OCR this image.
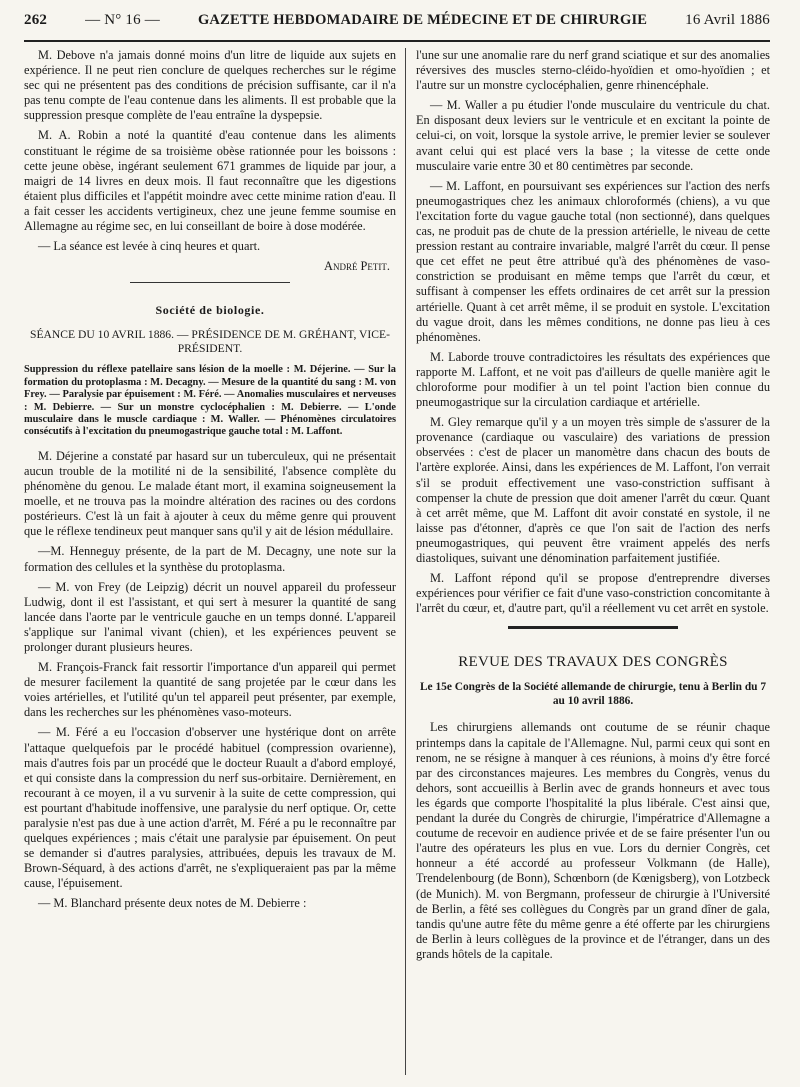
262	— N° 16 —	GAZETTE HEBDOMADAIRE DE MÉDECINE ET DE CHIRURGIE	16 Avril 1886

M. Debove n'a jamais donné moins d'un litre de liquide aux sujets en expérience. Il ne peut rien conclure de quelques recherches sur le régime sec qui ne présentent pas des conditions de précision suffisante, car il n'a pas tenu compte de l'eau contenue dans les aliments. Il est probable que la suppression presque complète de l'eau entraîne la dyspepsie.

M. A. Robin a noté la quantité d'eau contenue dans les aliments constituant le régime de sa troisième obèse rationnée pour les boissons : cette jeune obèse, ingérant seulement 671 grammes de liquide par jour, a maigri de 14 livres en deux mois. Il faut reconnaître que les digestions étaient plus difficiles et l'appétit moindre avec cette minime ration d'eau. Il a fait cesser les accidents vertigineux, chez une jeune femme soumise en Allemagne au régime sec, en lui conseillant de boire à dose modérée.

— La séance est levée à cinq heures et quart.

André Petit.
Société de biologie.
SÉANCE DU 10 AVRIL 1886. — PRÉSIDENCE DE M. GRÉHANT, VICE-PRÉSIDENT.
Suppression du réflexe patellaire sans lésion de la moelle : M. Déjerine. — Sur la formation du protoplasma : M. Decagny. — Mesure de la quantité du sang : M. von Frey. — Paralysie par épuisement : M. Féré. — Anomalies musculaires et nerveuses : M. Debierre. — Sur un monstre cyclocéphalien : M. Debierre. — L'onde musculaire dans le muscle cardiaque : M. Waller. — Phénomènes circulatoires consécutifs à l'excitation du pneumogastrique gauche total : M. Laffont.

M. Déjerine a constaté par hasard sur un tuberculeux, qui ne présentait aucun trouble de la motilité ni de la sensibilité, l'absence complète du phénomène du genou. Le malade étant mort, il examina soigneusement la moelle, et ne trouva pas la moindre altération des racines ou des cordons postérieurs. C'est là un fait à ajouter à ceux du même genre qui prouvent que le réflexe tendineux peut manquer sans qu'il y ait de lésion médullaire.

—M. Henneguy présente, de la part de M. Decagny, une note sur la formation des cellules et la synthèse du protoplasma.

— M. von Frey (de Leipzig) décrit un nouvel appareil du professeur Ludwig, dont il est l'assistant, et qui sert à mesurer la quantité de sang lancée dans l'aorte par le ventricule gauche en un temps donné. L'appareil s'applique sur l'animal vivant (chien), et les expériences peuvent se prolonger durant plusieurs heures.

M. François-Franck fait ressortir l'importance d'un appareil qui permet de mesurer facilement la quantité de sang projetée par le cœur dans les voies artérielles, et l'utilité qu'un tel appareil peut présenter, par exemple, dans les recherches sur les phénomènes vaso-moteurs.

— M. Féré a eu l'occasion d'observer une hystérique dont on arrête l'attaque quelquefois par le procédé habituel (compression ovarienne), mais d'autres fois par un procédé que le docteur Ruault a d'abord employé, et qui consiste dans la compression du nerf sus-orbitaire. Dernièrement, en recourant à ce moyen, il a vu survenir à la suite de cette compression, qui est pourtant d'habitude inoffensive, une paralysie du nerf optique. Or, cette paralysie n'est pas due à une action d'arrêt, M. Féré a pu le reconnaître par quelques expériences ; mais c'était une paralysie par épuisement. On peut se demander si d'autres paralysies, attribuées, depuis les travaux de M. Brown-Séquard, à des actions d'arrêt, ne s'expliqueraient pas par la même cause, l'épuisement.

— M. Blanchard présente deux notes de M. Debierre :

l'une sur une anomalie rare du nerf grand sciatique et sur des anomalies réversives des muscles sterno-cléido-hyoïdien et omo-hyoïdien ; et l'autre sur un monstre cyclocéphalien, genre rhinencéphale.

— M. Waller a pu étudier l'onde musculaire du ventricule du chat. En disposant deux leviers sur le ventricule et en excitant la pointe de celui-ci, on voit, lorsque la systole arrive, le premier levier se soulever avant celui qui est placé vers la base ; la vitesse de cette onde musculaire varie entre 30 et 80 centimètres par seconde.

— M. Laffont, en poursuivant ses expériences sur l'action des nerfs pneumogastriques chez les animaux chloroformés (chiens), a vu que l'excitation forte du vague gauche total (non sectionné), dans quelques cas, ne produit pas de chute de la pression artérielle, le niveau de cette pression restant au contraire invariable, malgré l'arrêt du cœur. Il pense que cet effet ne peut être attribué qu'à des phénomènes de vaso-constriction se produisant en même temps que l'arrêt du cœur, et suffisant à compenser les effets ordinaires de cet arrêt sur la pression artérielle. Quant à cet arrêt même, il se produit en systole. L'excitation du vague droit, dans les mêmes conditions, ne donne pas lieu à ces phénomènes.

M. Laborde trouve contradictoires les résultats des expériences que rapporte M. Laffont, et ne voit pas d'ailleurs de quelle manière agit le chloroforme pour modifier à un tel point l'action bien connue du pneumogastrique sur la circulation cardiaque et artérielle.

M. Gley remarque qu'il y a un moyen très simple de s'assurer de la provenance (cardiaque ou vasculaire) des variations de pression observées : c'est de placer un manomètre dans chacun des bouts de l'artère explorée. Ainsi, dans les expériences de M. Laffont, l'on verrait s'il se produit effectivement une vaso-constriction suffisant à compenser la chute de pression que doit amener l'arrêt du cœur. Quant à cet arrêt même, que M. Laffont dit avoir constaté en systole, il ne laisse pas d'étonner, d'après ce que l'on sait de l'action des nerfs pneumogastriques, qui peuvent être vraiment appelés des nerfs diastoliques, suivant une dénomination parfaitement justifiée.

M. Laffont répond qu'il se propose d'entreprendre diverses expériences pour vérifier ce fait d'une vaso-constriction concomitante à l'arrêt du cœur, et, d'autre part, qu'il a réellement vu cet arrêt en systole.

REVUE DES TRAVAUX DES CONGRÈS
Le 15e Congrès de la Société allemande de chirurgie, tenu à Berlin du 7 au 10 avril 1886.

Les chirurgiens allemands ont coutume de se réunir chaque printemps dans la capitale de l'Allemagne. Nul, parmi ceux qui sont en renom, ne se résigne à manquer à ces réunions, à moins d'y être forcé par des circonstances majeures. Les membres du Congrès, venus du dehors, sont accueillis à Berlin avec de grands honneurs et avec tous les égards que comporte l'hospitalité la plus libérale. C'est ainsi que, pendant la durée du Congrès de chirurgie, l'impératrice d'Allemagne a coutume de recevoir en audience privée et de se faire présenter l'un ou l'autre des opérateurs les plus en vue. Lors du dernier Congrès, cet honneur a été accordé au professeur Volkmann (de Halle), Trendelenbourg (de Bonn), Schœnborn (de Kœnigsberg), von Lotzbeck (de Munich). M. von Bergmann, professeur de chirurgie à l'Université de Berlin, a fêté ses collègues du Congrès par un grand dîner de gala, tandis qu'une autre fête du même genre a été offerte par les chirurgiens de Berlin à leurs collègues de la province et de l'étranger, dans un des grands hôtels de la capitale.
